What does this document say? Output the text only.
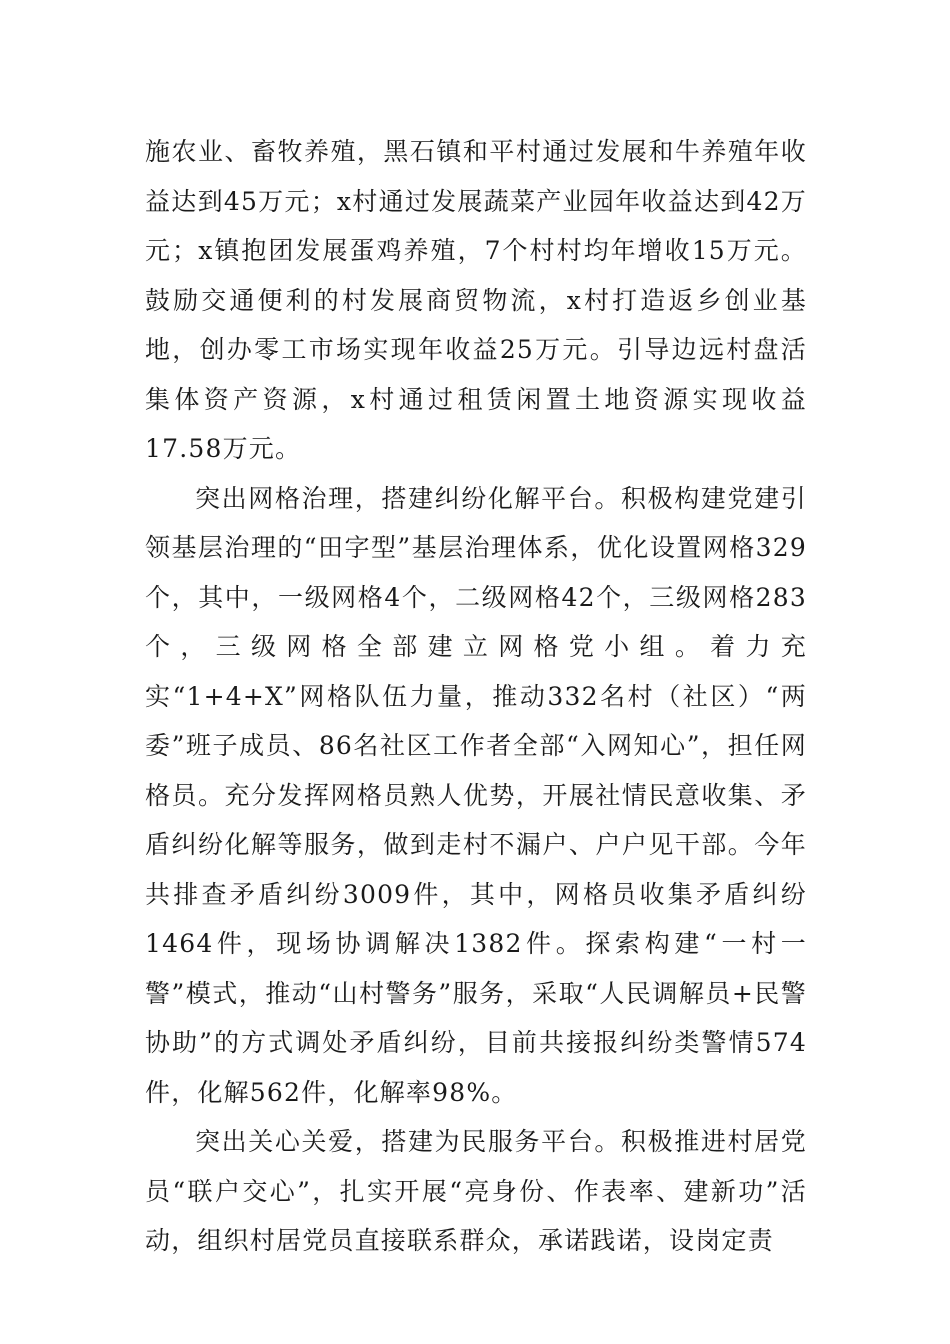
施农业、畜牧养殖，黑石镇和平村通过发展和牛养殖年收益达到45万元；x村通过发展蔬菜产业园年收益达到42万元；x镇抱团发展蛋鸡养殖，7个村村均年增收15万元。鼓励交通便利的村发展商贸物流，x村打造返乡创业基地，创办零工市场实现年收益25万元。引导边远村盘活集体资产资源，x村通过租赁闲置土地资源实现收益17.58万元。

突出网格治理，搭建纠纷化解平台。积极构建党建引领基层治理的“田字型”基层治理体系，优化设置网格329个，其中，一级网格4个，二级网格42个，三级网格283个，三级网格全部建立网格党小组。着力充实“1+4+X”网格队伍力量，推动332名村（社区）“两委”班子成员、86名社区工作者全部“入网知心”，担任网格员。充分发挥网格员熟人优势，开展社情民意收集、矛盾纠纷化解等服务，做到走村不漏户、户户见干部。今年共排查矛盾纠纷3009件，其中，网格员收集矛盾纠纷1464件，现场协调解决1382件。探索构建“一村一警”模式，推动“山村警务”服务，采取“人民调解员+民警协助”的方式调处矛盾纠纷，目前共接报纠纷类警情574件，化解562件，化解率98%。

突出关心关爱，搭建为民服务平台。积极推进村居党员“联户交心”，扎实开展“亮身份、作表率、建新功”活动，组织村居党员直接联系群众，承诺践诺，设岗定责
